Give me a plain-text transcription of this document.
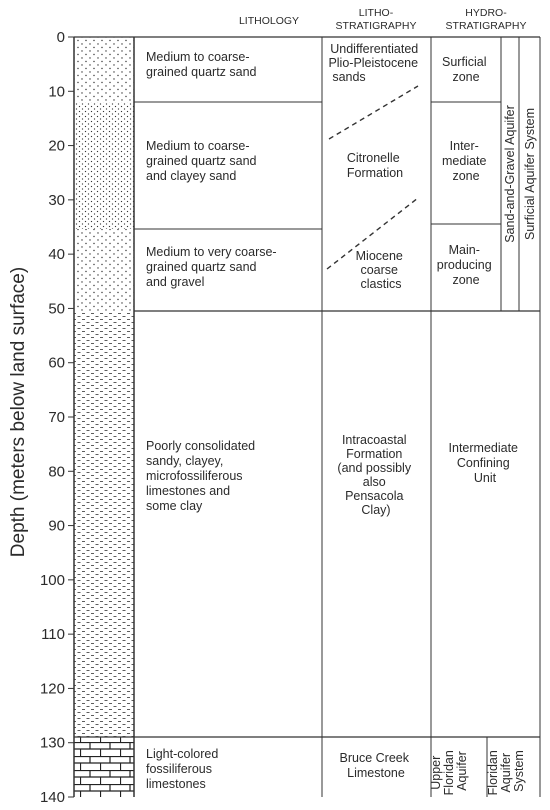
LITHOLOGY
LITHO-
STRATIGRAPHY
HYDRO-
STRATIGRAPHY
Depth (meters below land surface)
0
10
20
30
40
50
60
70
80
90
100
110
120
130
140
Medium to coarse- grained quartz sand
Medium to coarse- grained quartz sand and clayey sand
Medium to very coarse- grained quartz sand and gravel
Poorly consolidated sandy, clayey, microfossiliferous limestones and some clay
Light-colored fossiliferous limestones
Undifferentiated Plio-Pleistocene sands
Citronelle Formation
Miocene coarse clastics
Intracoastal Formation (and possibly also Pensacola Clay)
Bruce Creek Limestone
Surficial zone
Inter- mediate zone
Main- producing zone
Sand-and-Gravel Aquifer Surficial Aquifer System
Intermediate Confining Unit
Upper Floridan Aquifer Floridan Aquifer System
